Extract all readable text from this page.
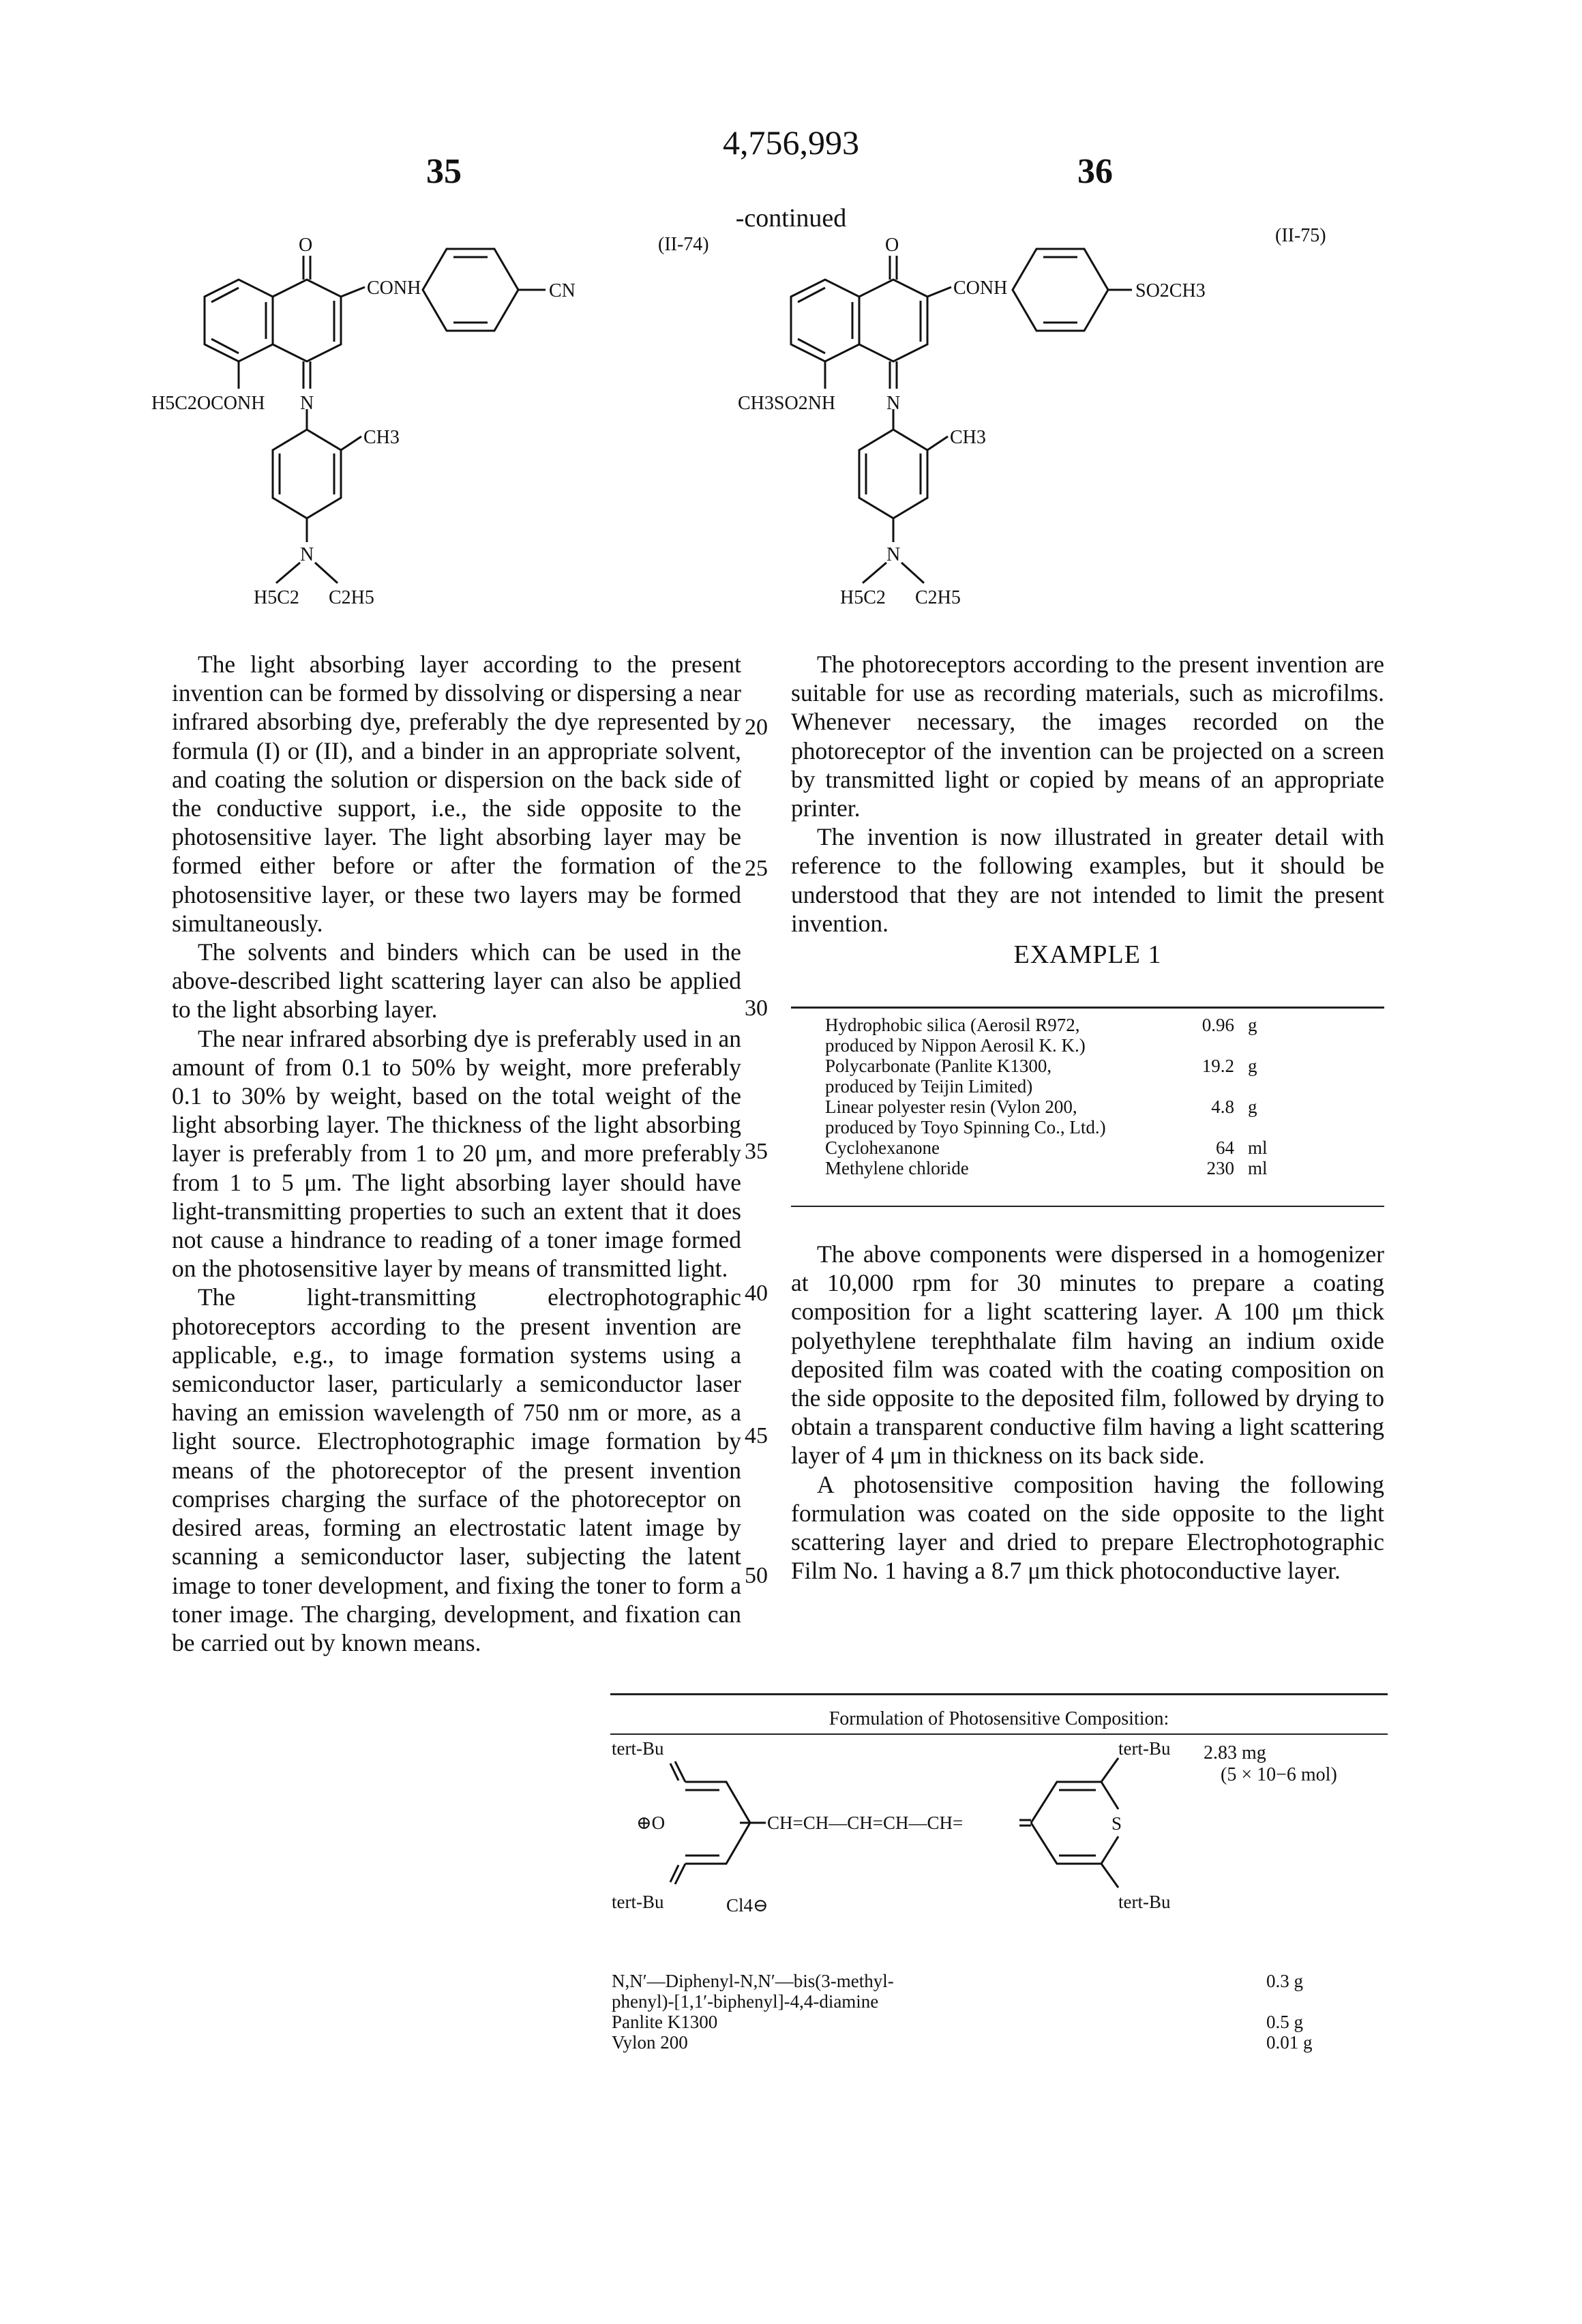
4,756,993
35	36
-continued
O
CONH	CN
H5C2OCONH N
CH3
N
H5C2 C2H5
(II-74)	O
CONH	SO2CH3
CH3SO2NH	N
CH3
N
H5C2 C2H5
(II-75)

The light absorbing layer according to the present invention can be formed by dissolving or dispersing a near infrared absorbing dye, preferably the dye represented by formula (I) or (II), and a binder in an appropriate solvent, and coating the solution or dispersion on the back side of the conductive support, i.e., the side opposite to the photosensitive layer. The light absorbing layer may be formed either before or after the formation of the photosensitive layer, or these two layers may be formed simultaneously.

The solvents and binders which can be used in the above-described light scattering layer can also be applied to the light absorbing layer.

The near infrared absorbing dye is preferably used in an amount of from 0.1 to 50% by weight, more preferably 0.1 to 30% by weight, based on the total weight of the light absorbing layer. The thickness of the light absorbing layer is preferably from 1 to 20 μm, and more preferably from 1 to 5 μm. The light absorbing layer should have light-transmitting properties to such an extent that it does not cause a hindrance to reading of a toner image formed on the photosensitive layer by means of transmitted light.

The light-transmitting electrophotographic photoreceptors according to the present invention are applicable, e.g., to image formation systems using a semiconductor laser, particularly a semiconductor laser having an emission wavelength of 750 nm or more, as a light source. Electrophotographic image formation by means of the photoreceptor of the present invention comprises charging the surface of the photoreceptor on desired areas, forming an electrostatic latent image by scanning a semiconductor laser, subjecting the latent image to toner development, and fixing the toner to form a toner image. The charging, development, and fixation can be carried out by known means.

20
25
30
35
40
45
50

The photoreceptors according to the present invention are suitable for use as recording materials, such as microfilms. Whenever necessary, the images recorded on the photoreceptor of the invention can be projected on a screen by transmitted light or copied by means of an appropriate printer.

The invention is now illustrated in greater detail with reference to the following examples, but it should be understood that they are not intended to limit the present invention.

EXAMPLE 1
Hydrophobic silica (Aerosil R972,
produced by Nippon Aerosil K. K.)	0.96	g
Polycarbonate (Panlite K1300,
produced by Teijin Limited)	19.2	g
Linear polyester resin (Vylon 200,
produced by Toyo Spinning Co., Ltd.)	4.8	g
Cyclohexanone	64	ml
Methylene chloride	230	ml

The above components were dispersed in a homogenizer at 10,000 rpm for 30 minutes to prepare a coating composition for a light scattering layer. A 100 μm thick polyethylene terephthalate film having an indium oxide deposited film was coated with the coating composition on the side opposite to the deposited film, followed by drying to obtain a transparent conductive film having a light scattering layer of 4 μm in thickness on its back side.

A photosensitive composition having the following formulation was coated on the side opposite to the light scattering layer and dried to prepare Electrophotographic Film No. 1 having a 8.7 μm thick photoconductive layer.

Formulation of Photosensitive Composition:
tert-Bu	tert-Bu
tert-Bu	tert-Bu
⊕O	CH=CH—CH=CH—CH=	S
Cl4⊖
2.83 mg
(5 × 10−6 mol)
N,N′—Diphenyl-N,N′—bis(3-methyl-
phenyl)-[1,1′-biphenyl]-4,4-diamine	0.3 g
Panlite K1300	0.5 g
Vylon 200	0.01 g
